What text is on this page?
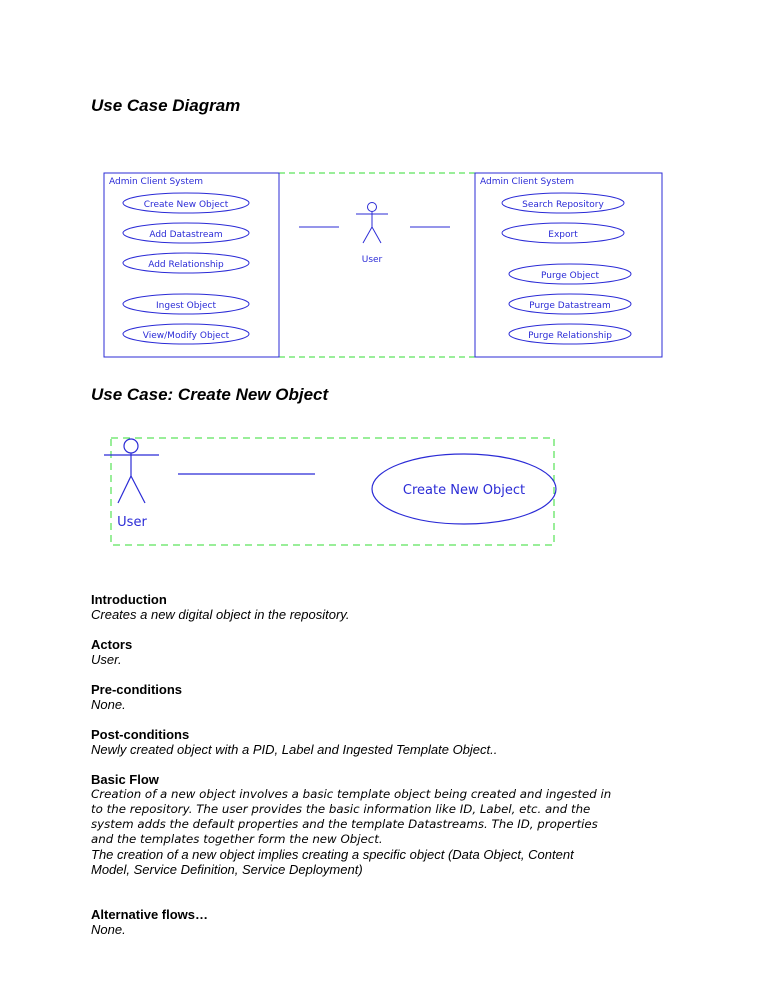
Use Case Diagram
Admin Client System	Admin Client System
Create New Object
Add Datastream
Add Relationship
Ingest Object
View/Modify Object
Search Repository
Export
Purge Object
Purge Datastream
Purge Relationship
User
User
Create New Object
Use Case: Create New Object
Introduction
Creates a new digital object in the repository.
Actors
User.
Pre-conditions
None.
Post-conditions
Newly created object with a PID, Label and Ingested Template Object..
Basic Flow

Creation of a new object involves a basic template object being created and ingested in

to the repository. The user provides the basic information like ID, Label, etc. and the

system adds the default properties and the template Datastreams. The ID, properties

and the templates together form the new Object.

The creation of a new object implies creating a specific object (Data Object, Content

Model, Service Definition, Service Deployment)

Alternative flows…
None.
